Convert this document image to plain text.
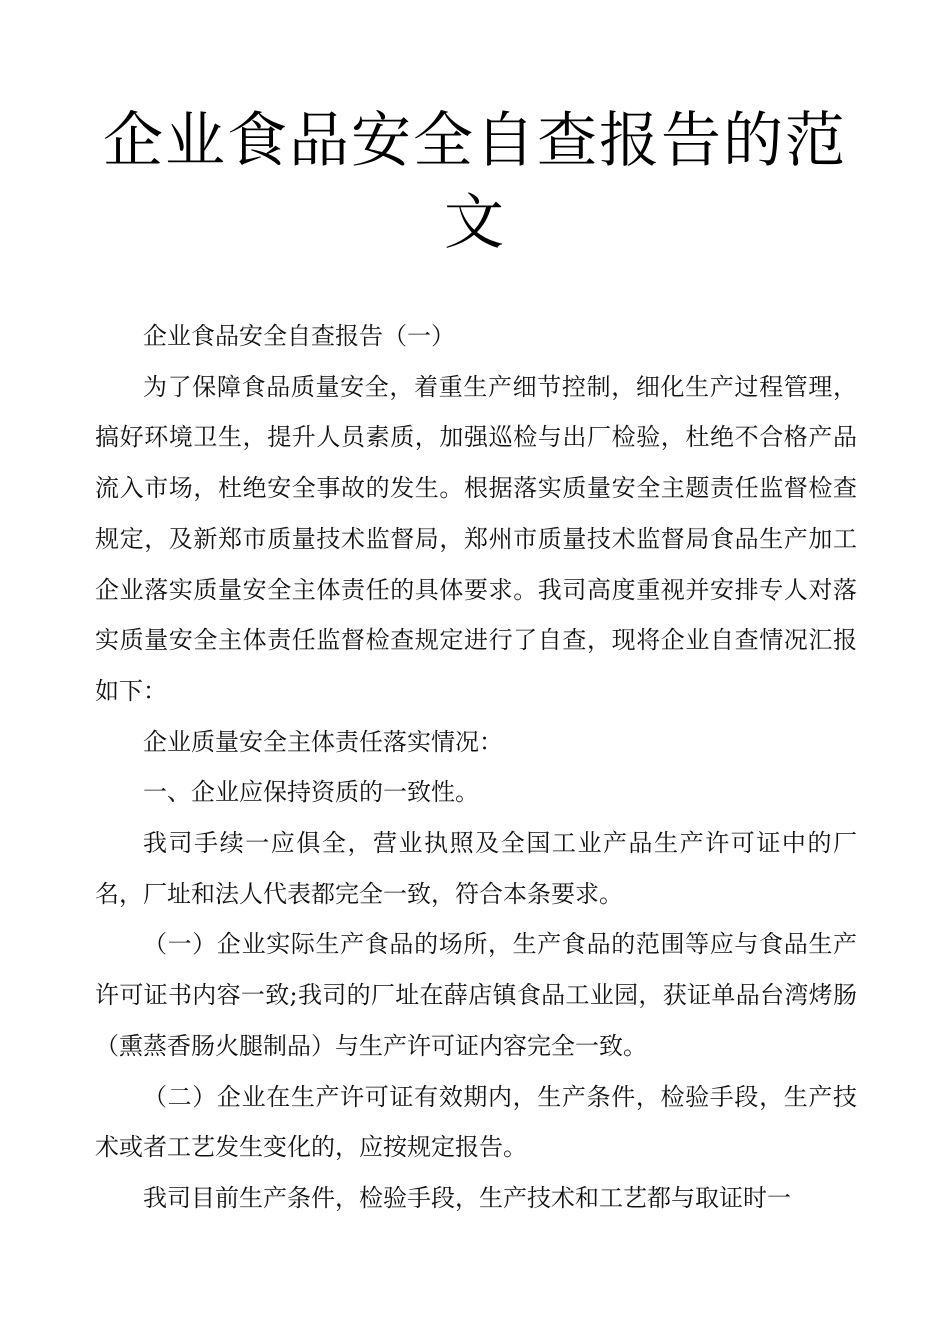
企业食品安全自查报告的范文

企业食品安全自查报告（一）

为了保障食品质量安全，着重生产细节控制，细化生产过程管理，搞好环境卫生，提升人员素质，加强巡检与出厂检验，杜绝不合格产品流入市场，杜绝安全事故的发生。根据落实质量安全主题责任监督检查规定，及新郑市质量技术监督局，郑州市质量技术监督局食品生产加工企业落实质量安全主体责任的具体要求。我司高度重视并安排专人对落实质量安全主体责任监督检查规定进行了自查，现将企业自查情况汇报如下：

企业质量安全主体责任落实情况：

一、企业应保持资质的一致性。

我司手续一应俱全，营业执照及全国工业产品生产许可证中的厂名，厂址和法人代表都完全一致，符合本条要求。

（一）企业实际生产食品的场所，生产食品的范围等应与食品生产许可证书内容一致;我司的厂址在薛店镇食品工业园，获证单品台湾烤肠（熏蒸香肠火腿制品）与生产许可证内容完全一致。

（二）企业在生产许可证有效期内，生产条件，检验手段，生产技术或者工艺发生变化的，应按规定报告。

我司目前生产条件，检验手段，生产技术和工艺都与取证时一
